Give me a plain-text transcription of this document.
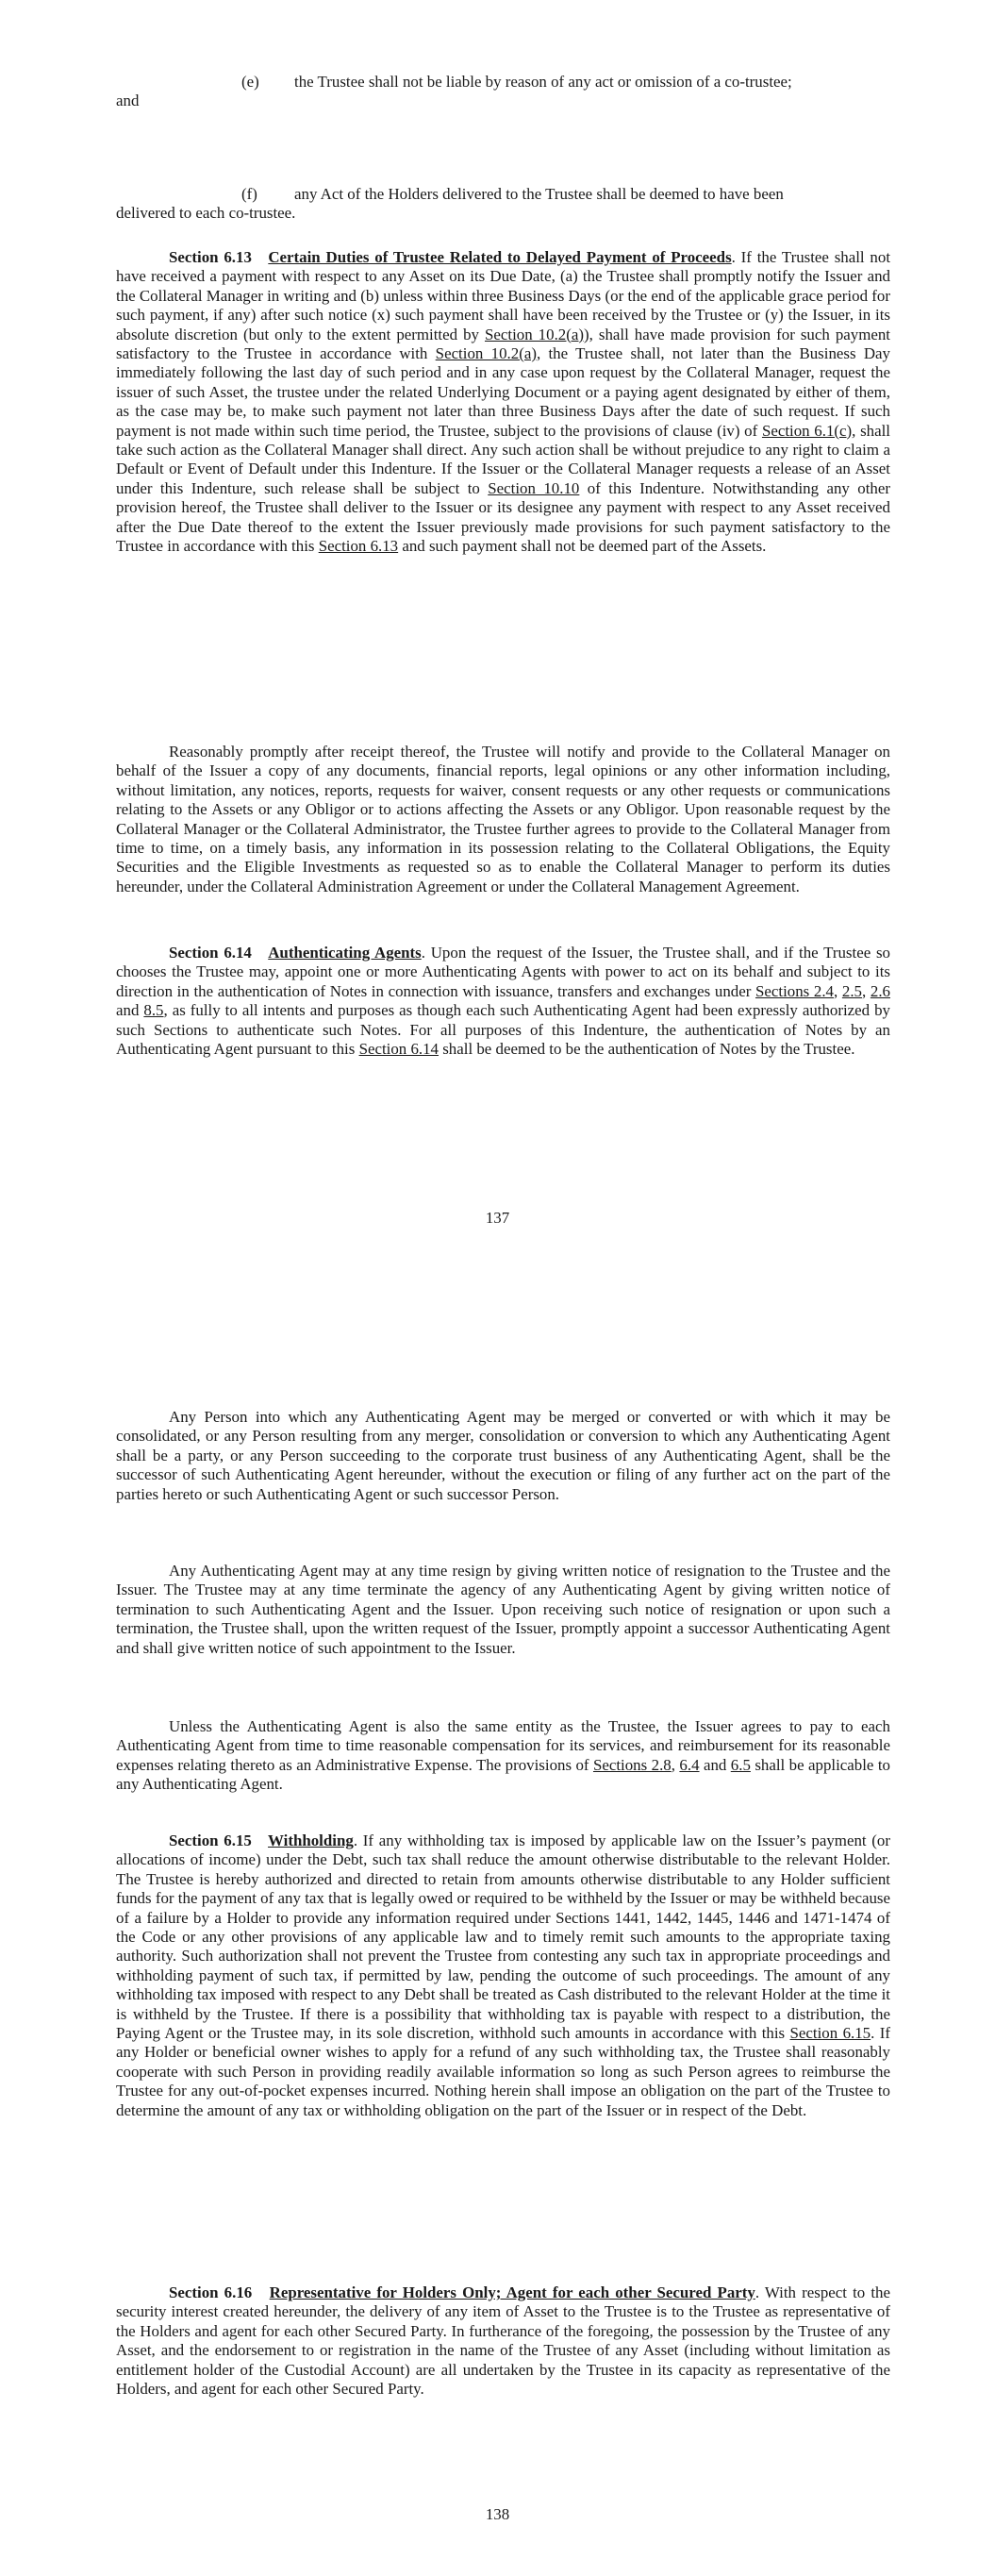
(e) the Trustee shall not be liable by reason of any act or omission of a co-trustee;
and
(f) any Act of the Holders delivered to the Trustee shall be deemed to have been
delivered to each co-trustee.
Section 6.13 Certain Duties of Trustee Related to Delayed Payment of Proceeds. If the Trustee shall not have received a payment with respect to any Asset on its Due Date, (a) the Trustee shall promptly notify the Issuer and the Collateral Manager in writing and (b) unless within three Business Days (or the end of the applicable grace period for such payment, if any) after such notice (x) such payment shall have been received by the Trustee or (y) the Issuer, in its absolute discretion (but only to the extent permitted by Section 10.2(a)), shall have made provision for such payment satisfactory to the Trustee in accordance with Section 10.2(a), the Trustee shall, not later than the Business Day immediately following the last day of such period and in any case upon request by the Collateral Manager, request the issuer of such Asset, the trustee under the related Underlying Document or a paying agent designated by either of them, as the case may be, to make such payment not later than three Business Days after the date of such request. If such payment is not made within such time period, the Trustee, subject to the provisions of clause (iv) of Section 6.1(c), shall take such action as the Collateral Manager shall direct. Any such action shall be without prejudice to any right to claim a Default or Event of Default under this Indenture. If the Issuer or the Collateral Manager requests a release of an Asset under this Indenture, such release shall be subject to Section 10.10 of this Indenture. Notwithstanding any other provision hereof, the Trustee shall deliver to the Issuer or its designee any payment with respect to any Asset received after the Due Date thereof to the extent the Issuer previously made provisions for such payment satisfactory to the Trustee in accordance with this Section 6.13 and such payment shall not be deemed part of the Assets.
Reasonably promptly after receipt thereof, the Trustee will notify and provide to the Collateral Manager on behalf of the Issuer a copy of any documents, financial reports, legal opinions or any other information including, without limitation, any notices, reports, requests for waiver, consent requests or any other requests or communications relating to the Assets or any Obligor or to actions affecting the Assets or any Obligor. Upon reasonable request by the Collateral Manager or the Collateral Administrator, the Trustee further agrees to provide to the Collateral Manager from time to time, on a timely basis, any information in its possession relating to the Collateral Obligations, the Equity Securities and the Eligible Investments as requested so as to enable the Collateral Manager to perform its duties hereunder, under the Collateral Administration Agreement or under the Collateral Management Agreement.
Section 6.14 Authenticating Agents. Upon the request of the Issuer, the Trustee shall, and if the Trustee so chooses the Trustee may, appoint one or more Authenticating Agents with power to act on its behalf and subject to its direction in the authentication of Notes in connection with issuance, transfers and exchanges under Sections 2.4, 2.5, 2.6 and 8.5, as fully to all intents and purposes as though each such Authenticating Agent had been expressly authorized by such Sections to authenticate such Notes. For all purposes of this Indenture, the authentication of Notes by an Authenticating Agent pursuant to this Section 6.14 shall be deemed to be the authentication of Notes by the Trustee.
137
Any Person into which any Authenticating Agent may be merged or converted or with which it may be consolidated, or any Person resulting from any merger, consolidation or conversion to which any Authenticating Agent shall be a party, or any Person succeeding to the corporate trust business of any Authenticating Agent, shall be the successor of such Authenticating Agent hereunder, without the execution or filing of any further act on the part of the parties hereto or such Authenticating Agent or such successor Person.
Any Authenticating Agent may at any time resign by giving written notice of resignation to the Trustee and the Issuer. The Trustee may at any time terminate the agency of any Authenticating Agent by giving written notice of termination to such Authenticating Agent and the Issuer. Upon receiving such notice of resignation or upon such a termination, the Trustee shall, upon the written request of the Issuer, promptly appoint a successor Authenticating Agent and shall give written notice of such appointment to the Issuer.
Unless the Authenticating Agent is also the same entity as the Trustee, the Issuer agrees to pay to each Authenticating Agent from time to time reasonable compensation for its services, and reimbursement for its reasonable expenses relating thereto as an Administrative Expense. The provisions of Sections 2.8, 6.4 and 6.5 shall be applicable to any Authenticating Agent.
Section 6.15 Withholding. If any withholding tax is imposed by applicable law on the Issuer’s payment (or allocations of income) under the Debt, such tax shall reduce the amount otherwise distributable to the relevant Holder. The Trustee is hereby authorized and directed to retain from amounts otherwise distributable to any Holder sufficient funds for the payment of any tax that is legally owed or required to be withheld by the Issuer or may be withheld because of a failure by a Holder to provide any information required under Sections 1441, 1442, 1445, 1446 and 1471-1474 of the Code or any other provisions of any applicable law and to timely remit such amounts to the appropriate taxing authority. Such authorization shall not prevent the Trustee from contesting any such tax in appropriate proceedings and withholding payment of such tax, if permitted by law, pending the outcome of such proceedings. The amount of any withholding tax imposed with respect to any Debt shall be treated as Cash distributed to the relevant Holder at the time it is withheld by the Trustee. If there is a possibility that withholding tax is payable with respect to a distribution, the Paying Agent or the Trustee may, in its sole discretion, withhold such amounts in accordance with this Section 6.15. If any Holder or beneficial owner wishes to apply for a refund of any such withholding tax, the Trustee shall reasonably cooperate with such Person in providing readily available information so long as such Person agrees to reimburse the Trustee for any out-of-pocket expenses incurred. Nothing herein shall impose an obligation on the part of the Trustee to determine the amount of any tax or withholding obligation on the part of the Issuer or in respect of the Debt.
Section 6.16 Representative for Holders Only; Agent for each other Secured Party. With respect to the security interest created hereunder, the delivery of any item of Asset to the Trustee is to the Trustee as representative of the Holders and agent for each other Secured Party. In furtherance of the foregoing, the possession by the Trustee of any Asset, and the endorsement to or registration in the name of the Trustee of any Asset (including without limitation as entitlement holder of the Custodial Account) are all undertaken by the Trustee in its capacity as representative of the Holders, and agent for each other Secured Party.
138
